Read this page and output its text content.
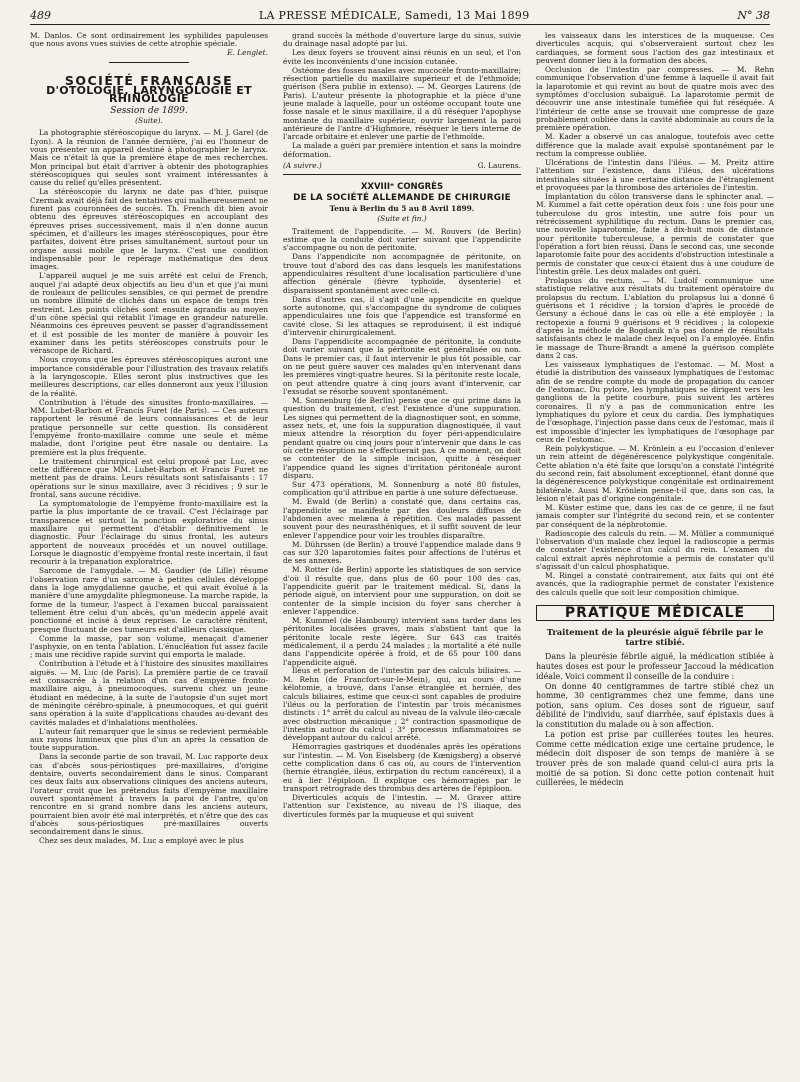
489	LA PRESSE MÉDICALE, Samedi, 13 Mai 1899	N° 38

M. Danlos. Ce sont ordinairement les syphilides papuleuses que nous avons vues suivies de cette atrophie spéciale.

E. Lenglet.
SOCIÉTÉ FRANÇAISE
D'OTOLOGIE, LARYNGOLOGIE ET RHINOLOGIE
Session de 1899.
(Suite).

La photographie stéréoscopique du larynx. — M. J. Garel (de Lyon). A la réunion de l'année dernière, j'ai eu l'honneur de vous présenter un appareil destiné à photographier le larynx. Mais ce n'était là que la première étape de mes recherches. Mon principal but était d'arriver à obtenir des photographies stéréoscopiques qui seules sont vraiment intéressantes à cause du relief qu'elles présentent.

La stéréoscopie du larynx ne date pas d'hier, puisque Czermak avait déjà fait des tentatives qui malheureusement ne furent pas couronnées de succès. Th. French dit bien avoir obtenu des épreuves stéréoscopiques en accouplant des épreuves prises successivement, mais il n'en donne aucun spécimen, et d'ailleurs les images stéréoscopiques, pour être parfaites, doivent être prises simultanément, surtout pour un organe aussi mobile que le larynx. C'est une condition indispensable pour le repérage mathématique des deux images.

L'appareil auquel je me suis arrêté est celui de French, auquel j'ai adapté deux objectifs au lieu d'un et que j'ai muni de rouleaux de pellicules sensibles, ce qui permet de prendre un nombre illimité de clichés dans un espace de temps très restreint. Les points clichés sont ensuite agrandis au moyen d'un cône spécial qui rétablit l'image en grandeur naturelle. Néanmoins ces épreuves peuvent se passer d'agrandissement et il est possible de les monter de manière à pouvoir les examiner dans les petits stéréoscopes construits pour le vérascope de Richard.

Nous croyons que les épreuves stéréoscopiques auront une importance considérable pour l'illustration des travaux relatifs à la laryngoscopie. Elles seront plus instructives que les meilleures descriptions, car elles donneront aux yeux l'illusion de la réalité.

Contribution à l'étude des sinusites fronto-maxillaires. — MM. Lubet-Barbon et Francis Furet (de Paris). — Ces auteurs rapportent le résumé de leurs connaissances et de leur pratique personnelle sur cette question. Ils considèrent l'empyème fronto-maxillaire comme une seule et même maladie, dont l'origine peut être nasale ou dentaire. La première est la plus fréquente.

Le traitement chirurgical est celui proposé par Luc, avec cette différence que MM. Lubet-Barbon et Francis Furet ne mettent pas de drains. Leurs résultats sont satisfaisants : 17 opérations sur le sinus maxillaire, avec 3 récidives ; 9 sur le frontal, sans aucune récidive.

La symptomatologie de l'empyème fronto-maxillaire est la partie la plus importante de ce travail. C'est l'éclairage par transparence et surtout la ponction exploratrice du sinus maxillaire qui permettent d'établir définitivement le diagnostic. Pour l'éclairage du sinus frontal, les auteurs apportent de nouveaux procédés et un nouvel outillage. Lorsque le diagnostic d'empyème frontal reste incertain, il faut recourir à la trépanation exploratrice.

Sarcome de l'amygdale. — M. Gaudier (de Lille) résume l'observation rare d'un sarcome à petites cellules développé dans la loge amygdalienne gauche, et qui avait évolué à la manière d'une amygdalite phlegmoneuse. La marche rapide, la forme de la tumeur, l'aspect à l'examen buccal paraissaient tellement être celui d'un abcès, qu'un médecin appelé avait ponctionné et incisé à deux reprises. Le caractère rénitent, presque fluctuant de ces tumeurs est d'ailleurs classique.

Comme la masse, par son volume, menaçait d'amener l'asphyxie, on en tenta l'ablation. L'énucléation fut assez facile ; mais une récidive rapide survint qui emporta le malade.

Contribution à l'étude et à l'histoire des sinusites maxillaires aiguës. — M. Luc (de Paris). La première partie de ce travail est consacrée à la relation d'un cas d'empyème fronto-maxillaire aigu, à pneumocoques, survenu chez un jeune étudiant en médecine, à la suite de l'autopsie d'un sujet mort de méningite cérébro-spinale, à pneumocoques, et qui guérit sans opération à la suite d'applications chaudes au-devant des cavités malades et d'inhalations mentholées.

L'auteur fait remarquer que le sinus se redevient perméable aux rayons lumineux que plus d'un an après la cessation de toute suppuration.

Dans la seconde partie de son travail, M. Luc rapporte deux cas d'abcès sous-périostiques pré-maxillaires, d'origine dentaire, ouverts secondairement dans le sinus. Comparant ces deux faits aux observations cliniques des anciens auteurs, l'orateur croit que les prétendus faits d'empyème maxillaire ouvert spontanément à travers la paroi de l'antre, qu'on rencontre en si grand nombre dans les anciens auteurs, pourraient bien avoir été mal interprétés, et n'être que des cas d'abcès sous-périostiques pré-maxillaires ouverts secondairement dans le sinus.

Chez ses deux malades, M. Luc a employé avec le plus

grand succès la méthode d'ouverture large du sinus, suivie du drainage nasal adopté par lui.

Les deux foyers se trouvent ainsi réunis en un seul, et l'on évite les inconvénients d'une incision cutanée.

Ostéome des fosses nasales avec mucocèle fronto-maxillaire; résection partielle du maxillaire supérieur et de l'ethmoïde; guérison (Sera publié in extenso). — M. Georges Laurens (de Paris). L'auteur présente la photographie et la pièce d'une jeune malade à laquelle, pour un ostéome occupant toute une fosse nasale et le sinus maxillaire, il a dû réséquer l'apophyse montante du maxillaire supérieur, ouvrir largement la paroi antérieure de l'antre d'Highmore, réséquer le tiers interne de l'arcade orbitaire et enlever une partie de l'ethmoïde.

La malade a guéri par première intention et sans la moindre déformation.

(A suivre.)	G. Laurens.
XXVIIIᵉ CONGRÈS
DE LA SOCIÉTÉ ALLEMANDE DE CHIRURGIE
Tenu à Berlin du 5 au 8 Avril 1899.
(Suite et fin.)

Traitement de l'appendicite. — M. Rouvers (de Berlin) estime que la conduite doit varier suivant que l'appendicite s'accompagne ou non de péritonite.

Dans l'appendicite non accompagnée de péritonite, on trouve tout d'abord des cas dans lesquels les manifestations appendiculaires résultent d'une localisation particulière d'une affection générale (fièvre typhoïde, dysenterie) et disparaissent spontanément avec celle-ci.

Dans d'autres cas, il s'agit d'une appendicite en quelque sorte autonome, qui s'accompagne du syndrome de coliques appendiculaires une fois que l'appendice est transformé en cavité close. Si les attaques se reproduisent, il est indiqué d'intervenir chirurgicalement.

Dans l'appendicite accompagnée de péritonite, la conduite doit varier suivant que la péritonite est généralisée ou non. Dans le premier cas, il faut intervenir le plus tôt possible, car on ne peut guère sauver ces malades qu'en intervenant dans les premières vingt-quatre heures. Si la péritonite reste locale, on peut attendre quatre à cinq jours avant d'intervenir, car l'exsudat se résorbe souvent spontanément.

M. Sonnenburg (de Berlin) pense que ce qui prime dans la question du traitement, c'est l'existence d'une suppuration. Les signes qui permettent de la diagnostiquer sont, en somme, assez nets, et, une fois la suppuration diagnostiquée, il vaut mieux attendre la résorption du foyer péri-appendiculaire pendant quatre ou cinq jours pour n'intervenir que dans le cas où cette résorption ne s'effectuerait pas. A ce moment, on doit se contenter de la simple incision, quitte à réséquer l'appendice quand les signes d'irritation péritonéale auront disparu.

Sur 473 opérations, M. Sonnenburg a noté 80 fistules, complication qu'il attribue en partie à une suture défectueuse.

M. Ewald (de Berlin) a constaté que, dans certains cas, l'appendicite se manifeste par des douleurs diffuses de l'abdomen avec melæna à répétition. Ces malades passent souvent pour des neurasthéniques, et il suffit souvent de leur enlever l'appendice pour voir les troubles disparaître.

M. Dührssen (de Berlin) a trouvé l'appendice malade dans 9 cas sur 320 laparotomies faites pour affections de l'utérus et de ses annexes.

M. Rotter (de Berlin) apporte les statistiques de son service d'où il résulte que, dans plus de 60 pour 100 des cas, l'appendicite guérit par le traitement médical. Si, dans la période aiguë, on intervient pour une suppuration, on doit se contenter de la simple incision du foyer sans chercher à enlever l'appendice.

M. Kummel (de Hambourg) intervient sans tarder dans les péritonites localisées graves, mais s'abstient tant que la péritonite locale reste légère. Sur 643 cas traités médicalement, il a perdu 24 malades ; la mortalité a été nulle dans l'appendicite opérée à froid, et de 65 pour 100 dans l'appendicite aiguë.

Iléus et perforation de l'intestin par des calculs biliaires. — M. Rehn (de Francfort-sur-le-Mein), qui, au cours d'une kélotomie, a trouvé, dans l'anse étranglée et herniée, des calculs biliaires, estime que ceux-ci sont capables de produire l'iléus ou la perforation de l'intestin par trois mécanismes distincts : 1° arrêt du calcul au niveau de la valvule iléo-cæcale avec obstruction mécanique ; 2° contraction spasmodique de l'intestin autour du calcul ; 3° processus inflammatoires se développant autour du calcul arrêté.

Hémorragies gastriques et duodénales après les opérations sur l'intestin. — M. Von Eiselsberg (de Kœnigsberg) a observé cette complication dans 6 cas où, au cours de l'intervention (hernie étranglée, iléus, extirpation du rectum cancéreux), il a eu à lier l'épiploon. Il explique ces hémorragies par le transport rétrograde des thrombus des artères de l'épiploon.

Diverticules acquis de l'intestin. — M. Graver attire l'attention sur l'existence, au niveau de l'S iliaque, des diverticules formés par la muqueuse et qui suivent

les vaisseaux dans les interstices de la muqueuse. Ces diverticules acquis, qui s'observeraient surtout chez les cardiaques, se forment sous l'action des gaz intestinaux et peuvent donner lieu à la formation des abcès.

Occlusion de l'intestin par compresses. — M. Rehn communique l'observation d'une femme à laquelle il avait fait la laparotomie et qui revint au bout de quatre mois avec des symptômes d'occlusion subaiguë. La laparotomie permit de découvrir une anse intestinale tuméfiée qui fut réséquée. A l'intérieur de cette anse se trouvait une compresse de gaze probablement oubliée dans la cavité abdominale au cours de la première opération.

M. Kader a observé un cas analogue, toutefois avec cette différence que la malade avait expulsé spontanément par le rectum la compresse oubliée.

Ulcérations de l'intestin dans l'iléus. — M. Preitz attire l'attention sur l'existence, dans l'iléus, des ulcérations intestinales situées à une certaine distance de l'étranglement et provoquées par la thrombose des artérioles de l'intestin.

Implantation du côlon transverse dans le sphincter anal. — M. Kummel a fait cette opération deux fois : une fois pour une tuberculose du gros intestin, une autre fois pour un rétrécissement syphilitique du rectum. Dans le premier cas, une nouvelle laparotomie, faite à dix-huit mois de distance pour péritonite tuberculeuse, a permis de constater que l'opération a fort bien réussi. Dans le second cas, une seconde laparotomie faite pour des accidents d'obstruction intestinale a permis de constater que ceux-ci étaient dus à une coudure de l'intestin grêle. Les deux malades ont guéri.

Prolapsus du rectum. — M. Ludolf communique une statistique relative aux résultats du traitement opératoire du prolapsus du rectum. L'ablation du prolapsus lui a donné 6 guérisons et 1 récidive ; la torsion d'après le procédé de Gersuny a échoué dans le cas où elle a été employée ; la rectopexie a fourni 9 guérisons et 9 récidives ; la colopexie d'après la méthode de Bogdanik n'a pas donné de résultats satisfaisants chez le malade chez lequel on l'a employée. Enfin le massage de Thure-Brandt a amené la guérison complète dans 2 cas.

Les vaisseaux lymphatiques de l'estomac. — M. Most a étudié la distribution des vaisseaux lymphatiques de l'estomac afin de se rendre compte du mode de propagation du cancer de l'estomac. Du pylore, les lymphatiques se dirigent vers les ganglions de la petite courbure, puis suivent les artères coronaires. Il n'y a pas de communication entre les lymphatiques du pylore et ceux du cardia. Des lymphatiques de l'œsophage, l'injection passe dans ceux de l'estomac, mais il est impossible d'injecter les lymphatiques de l'œsophage par ceux de l'estomac.

Rein polykystique. — M. Krönlein a eu l'occasion d'enlever un rein atteint de dégénérescence polykystique congénitale. Cette ablation n'a été faite que lorsqu'on a constaté l'intégrité du second rein, fait absolument exceptionnel, étant donné que la dégénérescence polykystique congénitale est ordinairement bilatérale. Aussi M. Krönlein pense-t-il que, dans son cas, la lésion n'était pas d'origine congénitale.

M. Küster estime que, dans les cas de ce genre, il ne faut jamais compter sur l'intégrité du second rein, et se contenter par conséquent de la néphrotomie.

Radioscopie des calculs du rein. — M. Müller a communiqué l'observation d'un malade chez lequel la radioscopie a permis de constater l'existence d'un calcul du rein. L'examen du calcul extrait après néphrotomie a permis de constater qu'il s'agissait d'un calcul phosphatique.

M. Ringel a constaté contrairement, aux faits qui ont été avancés, que la radiographie permet de constater l'existence des calculs quelle que soit leur composition chimique.

PRATIQUE MÉDICALE
Traitement de la pleurésie aiguë fébrile par le tartre stibié.

Dans la pleurésie fébrile aiguë, la médication stibiée à hautes doses est pour le professeur Jaccoud la médication idéale. Voici comment il conseille de la conduire :

On donne 40 centigrammes de tartre stibié chez un homme, 30 centigrammes chez une femme, dans une potion, sans opium. Ces doses sont de rigueur, sauf débilité de l'individu, sauf diarrhée, sauf épistaxis dues à la constitution du malade ou à son affection.

La potion est prise par cuillerées toutes les heures. Comme cette médication exige une certaine prudence, le médecin doit disposer de son temps de manière à se trouver près de son malade quand celui-ci aura pris la moitié de sa potion. Si donc cette potion contenait huit cuillerées, le médecin
